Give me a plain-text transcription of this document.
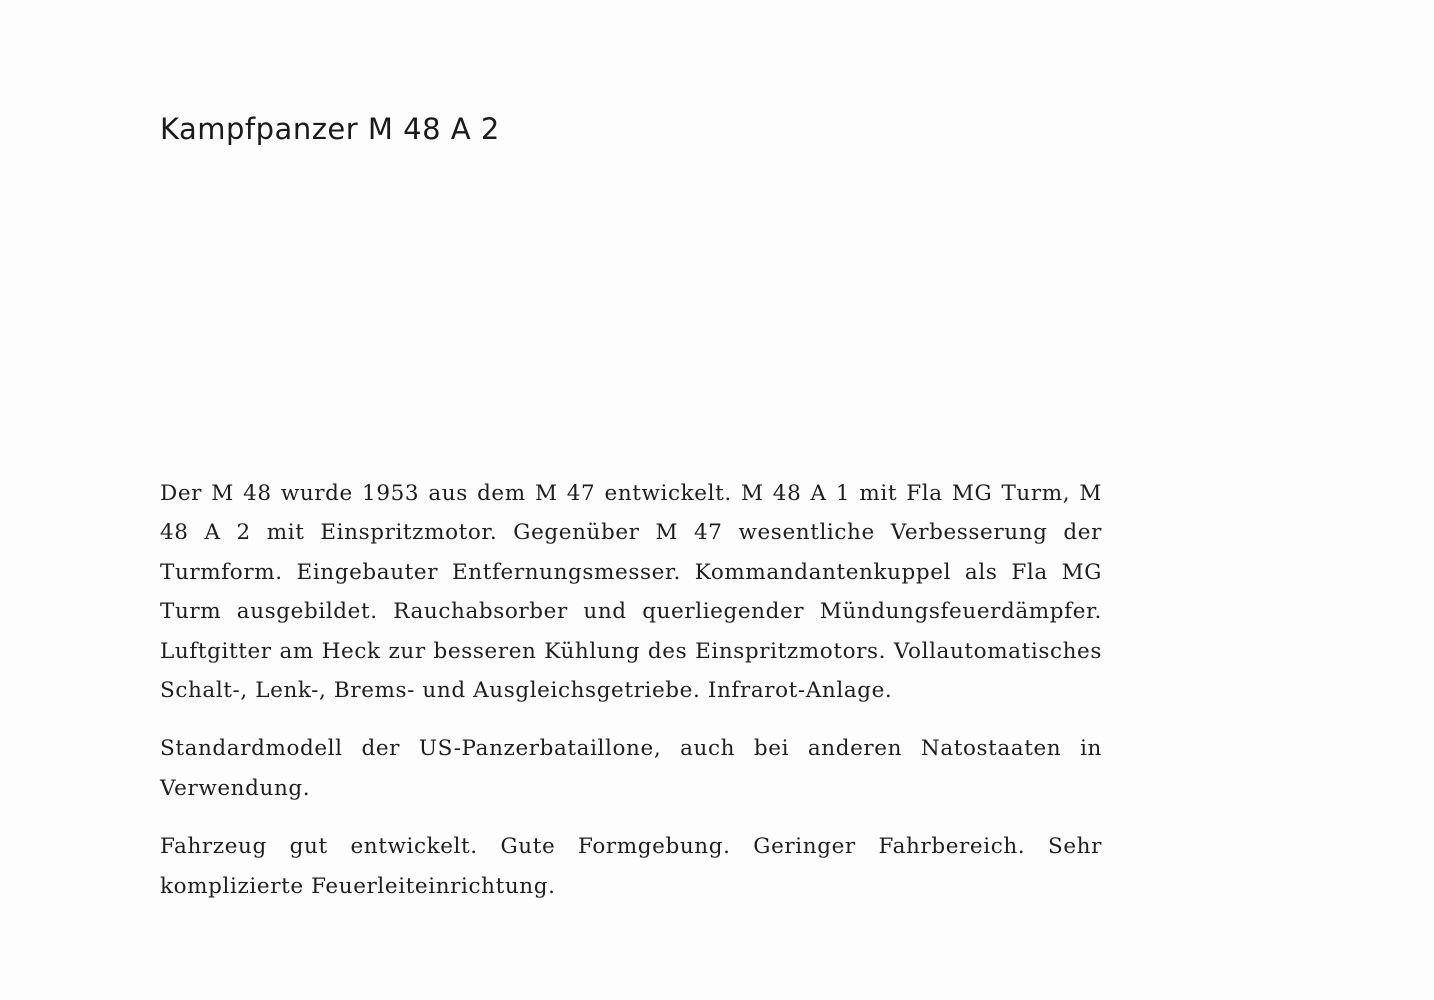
Kampfpanzer M 48 A 2

Der M 48 wurde 1953 aus dem M 47 entwickelt. M 48 A 1 mit Fla MG Turm, M 48 A 2 mit Einspritzmotor. Gegenüber M 47 wesentliche Verbesserung der Turmform. Eingebauter Entfernungsmesser. Kommandantenkuppel als Fla MG Turm ausgebildet. Rauchabsorber und querliegender Mündungsfeuerdämpfer. Luftgitter am Heck zur besseren Kühlung des Einspritzmotors. Vollautomatisches Schalt-, Lenk-, Brems- und Ausgleichsgetriebe. Infrarot-Anlage.

Standardmodell der US-Panzerbataillone, auch bei anderen Natostaaten in Verwendung.

Fahrzeug gut entwickelt. Gute Formgebung. Geringer Fahrbereich. Sehr komplizierte Feuerleiteinrichtung.
